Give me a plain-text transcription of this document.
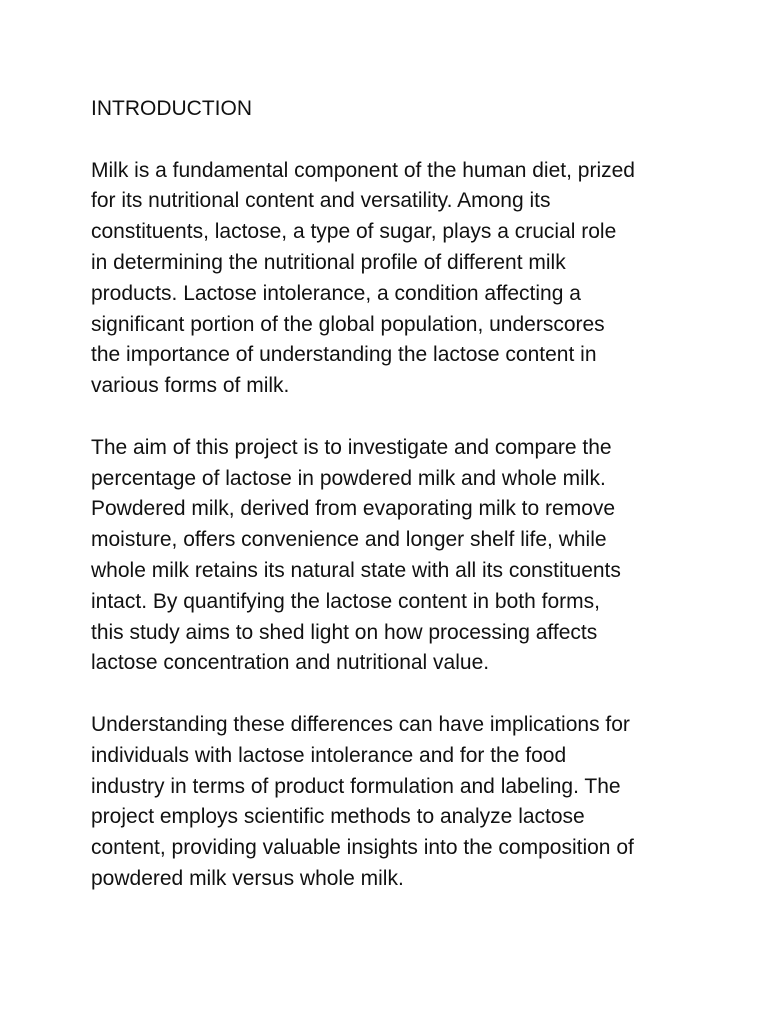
INTRODUCTION

Milk is a fundamental component of the human diet, prized
for its nutritional content and versatility. Among its
constituents, lactose, a type of sugar, plays a crucial role
in determining the nutritional profile of different milk
products. Lactose intolerance, a condition affecting a
significant portion of the global population, underscores
the importance of understanding the lactose content in
various forms of milk.

The aim of this project is to investigate and compare the
percentage of lactose in powdered milk and whole milk.
Powdered milk, derived from evaporating milk to remove
moisture, offers convenience and longer shelf life, while
whole milk retains its natural state with all its constituents
intact. By quantifying the lactose content in both forms,
this study aims to shed light on how processing affects
lactose concentration and nutritional value.

Understanding these differences can have implications for
individuals with lactose intolerance and for the food
industry in terms of product formulation and labeling. The
project employs scientific methods to analyze lactose
content, providing valuable insights into the composition of
powdered milk versus whole milk.
